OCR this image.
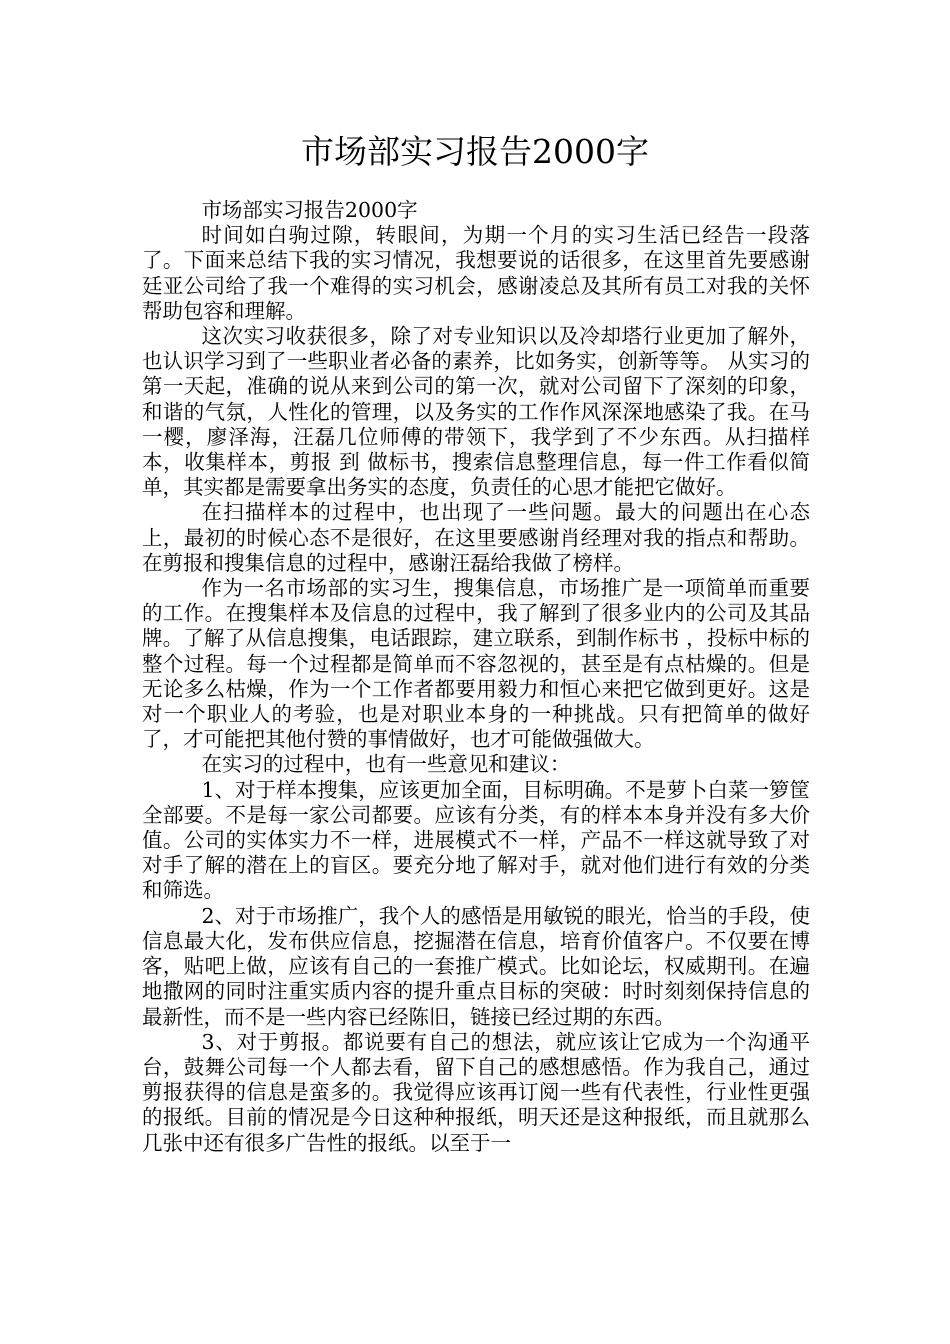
市场部实习报告2000字

市场部实习报告2000字

时间如白驹过隙，转眼间，为期一个月的实习生活已经告一段落了。下面来总结下我的实习情况，我想要说的话很多，在这里首先要感谢廷亚公司给了我一个难得的实习机会，感谢凌总及其所有员工对我的关怀帮助包容和理解。

这次实习收获很多，除了对专业知识以及冷却塔行业更加了解外，也认识学习到了一些职业者必备的素养，比如务实，创新等等。 从实习的第一天起，准确的说从来到公司的第一次，就对公司留下了深刻的印象，和谐的气氛，人性化的管理，以及务实的工作作风深深地感染了我。在马一樱，廖泽海，汪磊几位师傅的带领下，我学到了不少东西。从扫描样本，收集样本，剪报 到 做标书，搜索信息整理信息，每一件工作看似简单，其实都是需要拿出务实的态度，负责任的心思才能把它做好。

在扫描样本的过程中，也出现了一些问题。最大的问题出在心态上，最初的时候心态不是很好，在这里要感谢肖经理对我的指点和帮助。在剪报和搜集信息的过程中，感谢汪磊给我做了榜样。

作为一名市场部的实习生，搜集信息，市场推广是一项简单而重要的工作。在搜集样本及信息的过程中，我了解到了很多业内的公司及其品牌。了解了从信息搜集，电话跟踪，建立联系，到制作标书 ，投标中标的整个过程。每一个过程都是简单而不容忽视的，甚至是有点枯燥的。但是无论多么枯燥，作为一个工作者都要用毅力和恒心来把它做到更好。这是对一个职业人的考验，也是对职业本身的一种挑战。只有把简单的做好了，才可能把其他付赞的事情做好，也才可能做强做大。

在实习的过程中，也有一些意见和建议：

1、对于样本搜集，应该更加全面，目标明确。不是萝卜白菜一箩筐全部要。不是每一家公司都要。应该有分类，有的样本本身并没有多大价值。公司的实体实力不一样，进展模式不一样，产品不一样这就导致了对对手了解的潜在上的盲区。要充分地了解对手，就对他们进行有效的分类和筛选。

2、对于市场推广，我个人的感悟是用敏锐的眼光，恰当的手段，使信息最大化，发布供应信息，挖掘潜在信息，培育价值客户。不仅要在博客，贴吧上做，应该有自己的一套推广模式。比如论坛，权威期刊。在遍地撒网的同时注重实质内容的提升重点目标的突破：时时刻刻保持信息的最新性，而不是一些内容已经陈旧，链接已经过期的东西。

3、对于剪报。都说要有自己的想法，就应该让它成为一个沟通平台，鼓舞公司每一个人都去看，留下自己的感想感悟。作为我自己，通过剪报获得的信息是蛮多的。我觉得应该再订阅一些有代表性，行业性更强的报纸。目前的情况是今日这种种报纸，明天还是这种报纸，而且就那么几张中还有很多广告性的报纸。以至于一
